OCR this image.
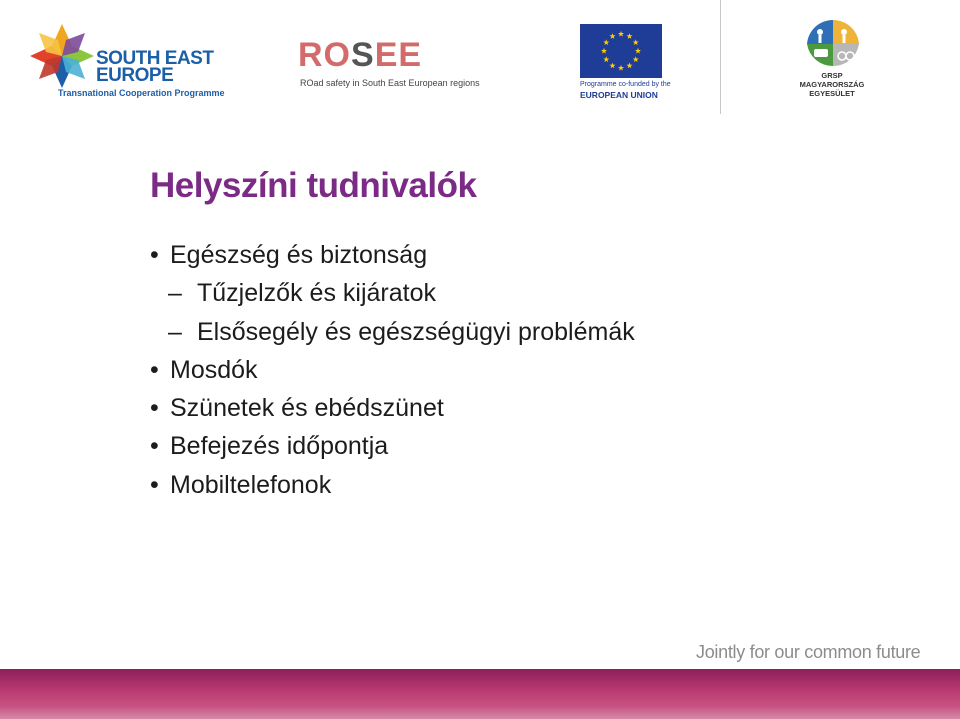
SOUTH EAST
EUROPE
Transnational Cooperation Programme
ROSEE
ROad safety in South East European regions	Programme co-funded by the
EUROPEAN UNION
GRSP
MAGYARORSZÁG
EGYESÜLET
Helyszíni tudnivalók
• Egészség és biztonság
– Tűzjelzők és kijáratok
– Elsősegély és egészségügyi problémák
• Mosdók
• Szünetek és ebédszünet
• Befejezés időpontja
• Mobiltelefonok
Jointly for our common future
